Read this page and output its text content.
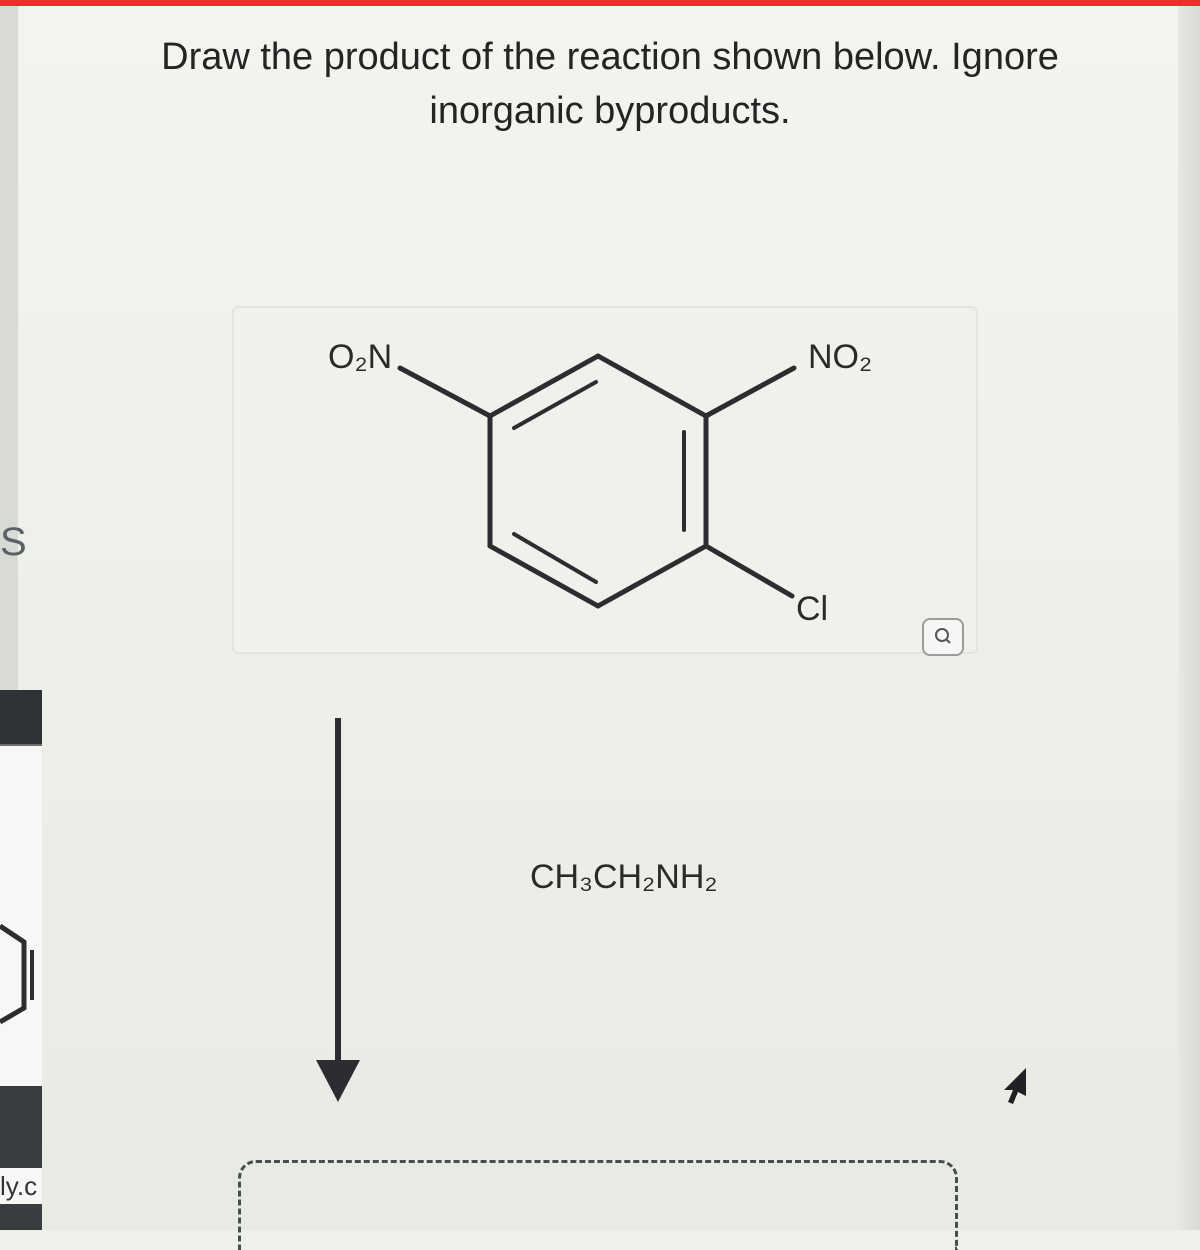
S
ly.c
Draw the product of the reaction shown below. Ignore
inorganic byproducts.
O₂N	NO₂
Cl
CH₃CH₂NH₂
